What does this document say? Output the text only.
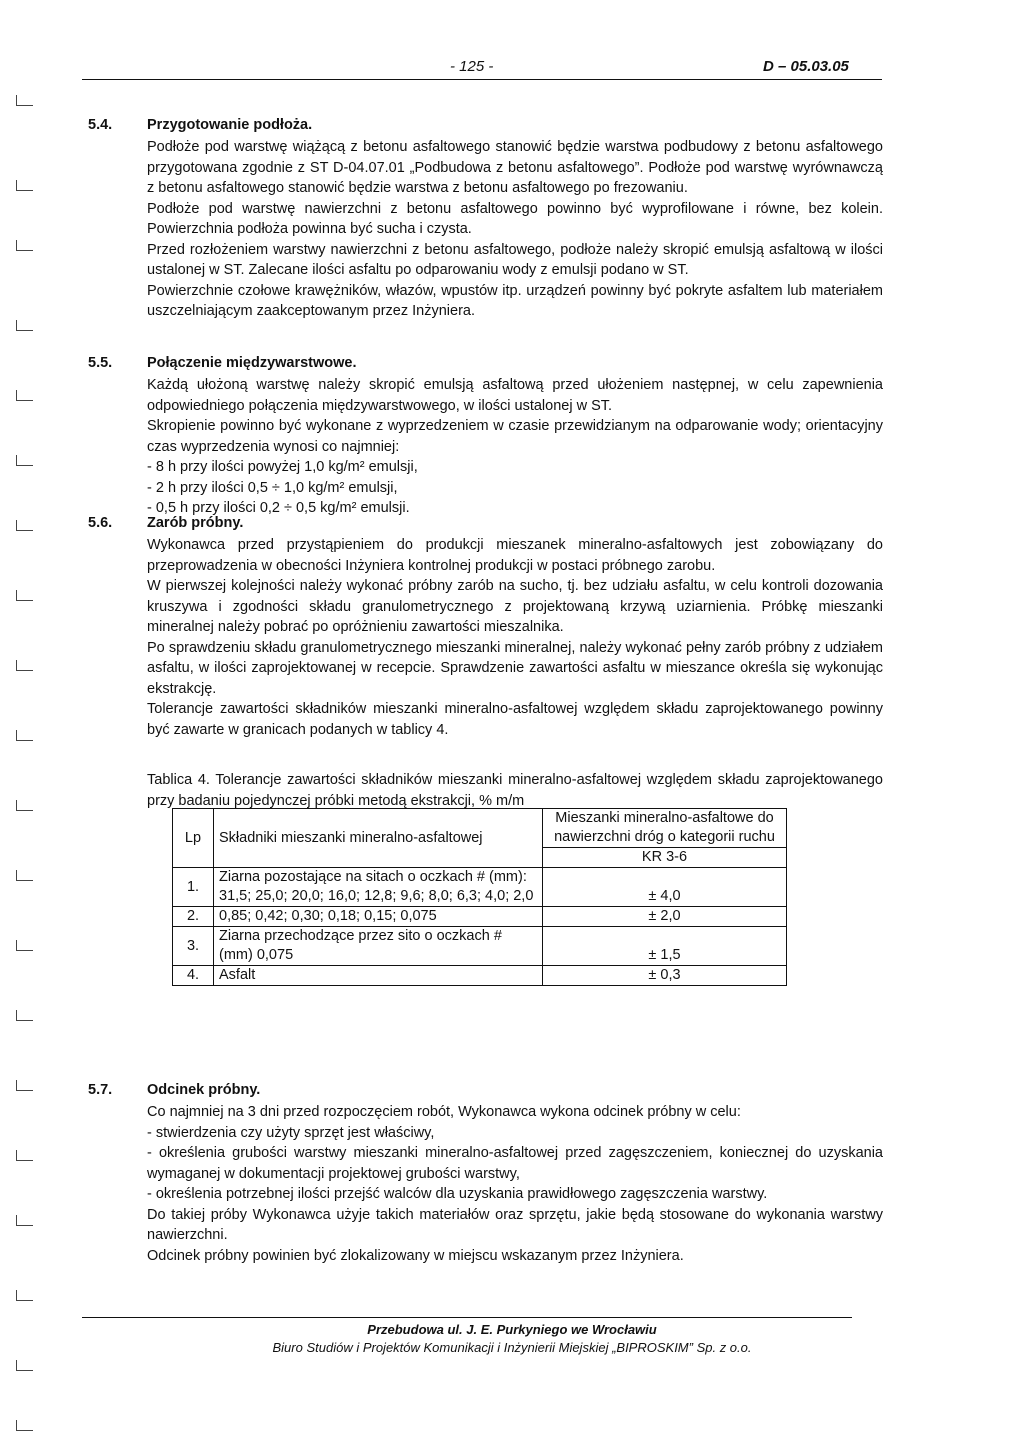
- 125 -	D – 05.03.05
5.4. Przygotowanie podłoża.

Podłoże pod warstwę wiążącą z betonu asfaltowego stanowić będzie warstwa podbudowy z betonu asfaltowego przygotowana zgodnie z ST D-04.07.01 „Podbudowa z betonu asfaltowego”. Podłoże pod warstwę wyrównawczą z betonu asfaltowego stanowić będzie warstwa z betonu asfaltowego po frezowaniu.

Podłoże pod warstwę nawierzchni z betonu asfaltowego powinno być wyprofilowane i równe, bez kolein. Powierzchnia podłoża powinna być sucha i czysta.

Przed rozłożeniem warstwy nawierzchni z betonu asfaltowego, podłoże należy skropić emulsją asfaltową w ilości ustalonej w ST. Zalecane ilości asfaltu po odparowaniu wody z emulsji podano w ST.

Powierzchnie czołowe krawężników, włazów, wpustów itp. urządzeń powinny być pokryte asfaltem lub materiałem uszczelniającym zaakceptowanym przez Inżyniera.

5.5. Połączenie międzywarstwowe.

Każdą ułożoną warstwę należy skropić emulsją asfaltową przed ułożeniem następnej, w celu zapewnienia odpowiedniego połączenia międzywarstwowego, w ilości ustalonej w ST.

Skropienie powinno być wykonane z wyprzedzeniem w czasie przewidzianym na odparowanie wody; orientacyjny czas wyprzedzenia wynosi co najmniej:

- 8 h przy ilości powyżej 1,0 kg/m² emulsji,

- 2 h przy ilości 0,5 ÷ 1,0 kg/m² emulsji,

- 0,5 h przy ilości 0,2 ÷ 0,5 kg/m² emulsji.

5.6. Zarób próbny.

Wykonawca przed przystąpieniem do produkcji mieszanek mineralno-asfaltowych jest zobowiązany do przeprowadzenia w obecności Inżyniera kontrolnej produkcji w postaci próbnego zarobu.

W pierwszej kolejności należy wykonać próbny zarób na sucho, tj. bez udziału asfaltu, w celu kontroli dozowania kruszywa i zgodności składu granulometrycznego z projektowaną krzywą uziarnienia. Próbkę mieszanki mineralnej należy pobrać po opróżnieniu zawartości mieszalnika.

Po sprawdzeniu składu granulometrycznego mieszanki mineralnej, należy wykonać pełny zarób próbny z udziałem asfaltu, w ilości zaprojektowanej w recepcie. Sprawdzenie zawartości asfaltu w mieszance określa się wykonując ekstrakcję.

Tolerancje zawartości składników mieszanki mineralno-asfaltowej względem składu zaprojektowanego powinny być zawarte w granicach podanych w tablicy 4.

Tablica 4. Tolerancje zawartości składników mieszanki mineralno-asfaltowej względem składu zaprojektowanego przy badaniu pojedynczej próbki metodą ekstrakcji, % m/m
Lp	Składniki mieszanki mineralno-asfaltowej	Mieszanki mineralno-asfaltowe do nawierzchni dróg o kategorii ruchu
		KR 3-6
1.	Ziarna pozostające na sitach o oczkach # (mm): 31,5; 25,0; 20,0; 16,0; 12,8; 9,6; 8,0; 6,3; 4,0; 2,0	± 4,0
2.	0,85; 0,42; 0,30; 0,18; 0,15; 0,075	± 2,0
3.	Ziarna przechodzące przez sito o oczkach # (mm) 0,075	± 1,5
4.	Asfalt	± 0,3
5.7. Odcinek próbny.

Co najmniej na 3 dni przed rozpoczęciem robót, Wykonawca wykona odcinek próbny w celu:

- stwierdzenia czy użyty sprzęt jest właściwy,

- określenia grubości warstwy mieszanki mineralno-asfaltowej przed zagęszczeniem, koniecznej do uzyskania wymaganej w dokumentacji projektowej grubości warstwy,

- określenia potrzebnej ilości przejść walców dla uzyskania prawidłowego zagęszczenia warstwy.

Do takiej próby Wykonawca użyje takich materiałów oraz sprzętu, jakie będą stosowane do wykonania warstwy nawierzchni.

Odcinek próbny powinien być zlokalizowany w miejscu wskazanym przez Inżyniera.

Przebudowa ul. J. E. Purkyniego we Wrocławiu
Biuro Studiów i Projektów Komunikacji i Inżynierii Miejskiej „BIPROSKIM” Sp. z o.o.
